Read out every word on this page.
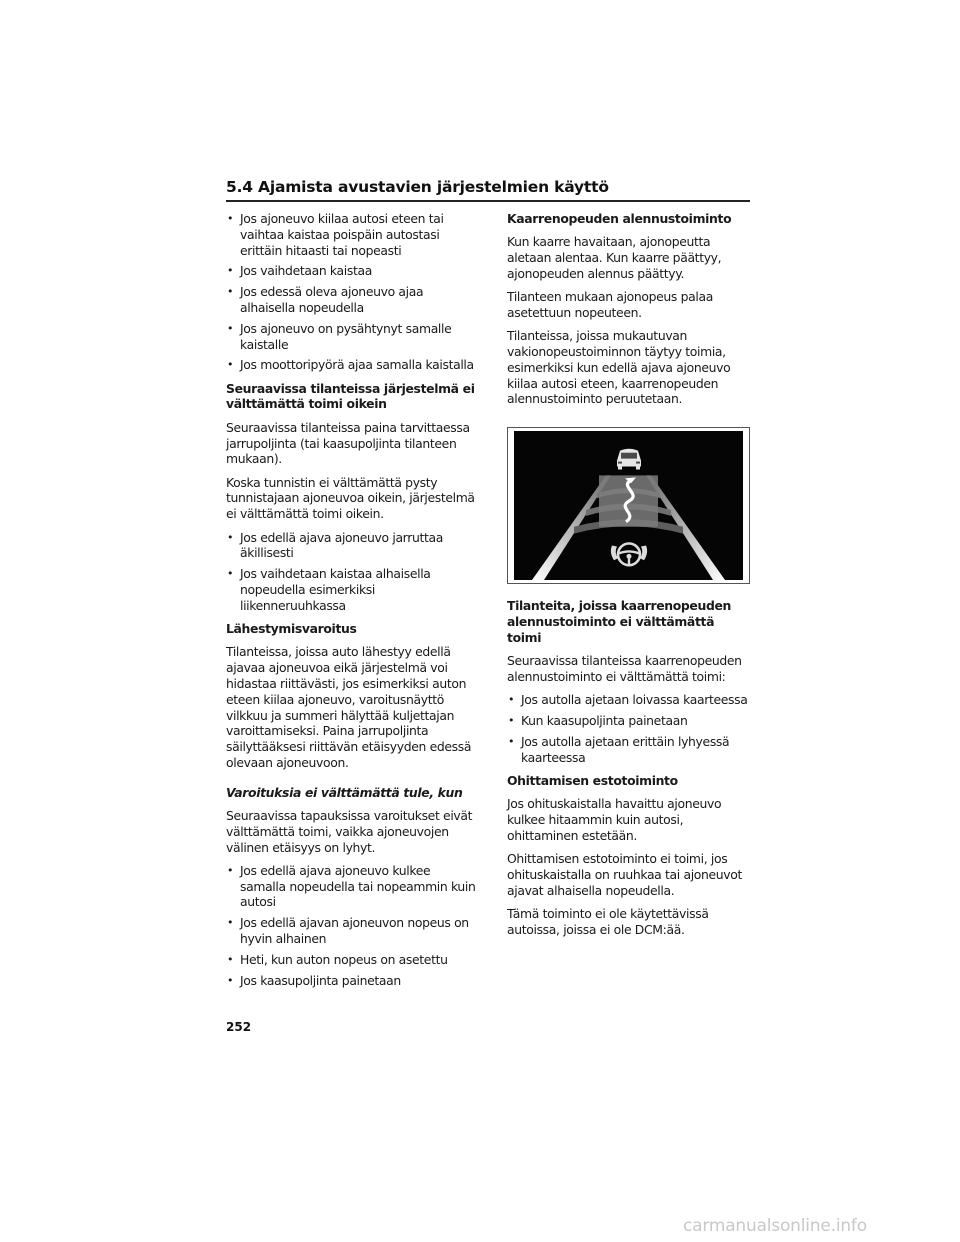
5.4 Ajamista avustavien järjestelmien käyttö
• Jos ajoneuvo kiilaa autosi eteen tai vaihtaa kaistaa poispäin autostasi erittäin hitaasti tai nopeasti
• Jos vaihdetaan kaistaa
• Jos edessä oleva ajoneuvo ajaa alhaisella nopeudella
• Jos ajoneuvo on pysähtynyt samalle kaistalle
• Jos moottoripyörä ajaa samalla kaistalla
Seuraavissa tilanteissa järjestelmä ei välttämättä toimi oikein

Seuraavissa tilanteissa paina tarvittaessa jarrupoljinta (tai kaasupoljinta tilanteen mukaan).

Koska tunnistin ei välttämättä pysty tunnistajaan ajoneuvoa oikein, järjestelmä ei välttämättä toimi oikein.

• Jos edellä ajava ajoneuvo jarruttaa äkillisesti
• Jos vaihdetaan kaistaa alhaisella nopeudella esimerkiksi liikenneruuhkassa
Lähestymisvaroitus

Tilanteissa, joissa auto lähestyy edellä ajavaa ajoneuvoa eikä järjestelmä voi hidastaa riittävästi, jos esimerkiksi auton eteen kiilaa ajoneuvo, varoitusnäyttö vilkkuu ja summeri hälyttää kuljettajan varoittamiseksi. Paina jarrupoljinta säilyttääksesi riittävän etäisyyden edessä olevaan ajoneuvoon.

Varoituksia ei välttämättä tule, kun

Seuraavissa tapauksissa varoitukset eivät välttämättä toimi, vaikka ajoneuvojen välinen etäisyys on lyhyt.

• Jos edellä ajava ajoneuvo kulkee samalla nopeudella tai nopeammin kuin autosi
• Jos edellä ajavan ajoneuvon nopeus on hyvin alhainen
• Heti, kun auton nopeus on asetettu
• Jos kaasupoljinta painetaan
Kaarrenopeuden alennustoiminto

Kun kaarre havaitaan, ajonopeutta aletaan alentaa. Kun kaarre päättyy, ajonopeuden alennus päättyy.

Tilanteen mukaan ajonopeus palaa asetettuun nopeuteen.

Tilanteissa, joissa mukautuvan vakionopeustoiminnon täytyy toimia, esimerkiksi kun edellä ajava ajoneuvo kiilaa autosi eteen, kaarrenopeuden alennustoiminto peruutetaan.

Tilanteita, joissa kaarrenopeuden alennustoiminto ei välttämättä toimi

Seuraavissa tilanteissa kaarrenopeuden alennustoiminto ei välttämättä toimi:

• Jos autolla ajetaan loivassa kaarteessa
• Kun kaasupoljinta painetaan
• Jos autolla ajetaan erittäin lyhyessä kaarteessa
Ohittamisen estotoiminto

Jos ohituskaistalla havaittu ajoneuvo kulkee hitaammin kuin autosi, ohittaminen estetään.

Ohittamisen estotoiminto ei toimi, jos ohituskaistalla on ruuhkaa tai ajoneuvot ajavat alhaisella nopeudella.

Tämä toiminto ei ole käytettävissä autoissa, joissa ei ole DCM:ää.

252
carmanualsonline.info
